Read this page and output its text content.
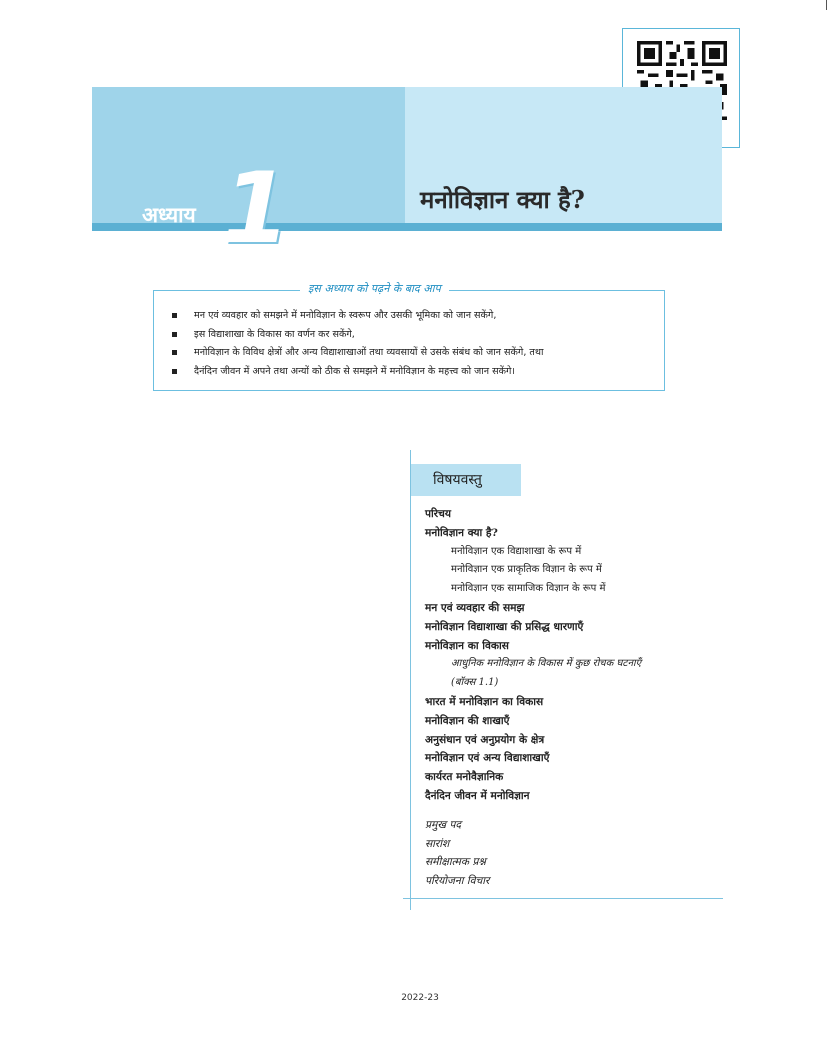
अध्याय 1	मनोविज्ञान क्या है?
इस अध्याय को पढ़ने के बाद आप
मन एवं व्यवहार को समझने में मनोविज्ञान के स्वरूप और उसकी भूमिका को जान सकेंगे,
इस विद्याशाखा के विकास का वर्णन कर सकेंगे,
मनोविज्ञान के विविध क्षेत्रों और अन्य विद्याशाखाओं तथा व्यवसायों से उसके संबंध को जान सकेंगे, तथा
दैनंदिन जीवन में अपने तथा अन्यों को ठीक से समझने में मनोविज्ञान के महत्त्व को जान सकेंगे।
विषयवस्तु
परिचय
मनोविज्ञान क्या है?
मनोविज्ञान एक विद्याशाखा के रूप में
मनोविज्ञान एक प्राकृतिक विज्ञान के रूप में
मनोविज्ञान एक सामाजिक विज्ञान के रूप में
मन एवं व्यवहार की समझ
मनोविज्ञान विद्याशाखा की प्रसिद्ध धारणाएँ
मनोविज्ञान का विकास
आधुनिक मनोविज्ञान के विकास में कुछ रोचक घटनाएँ
(बॉक्स 1.1)
भारत में मनोविज्ञान का विकास
मनोविज्ञान की शाखाएँ
अनुसंधान एवं अनुप्रयोग के क्षेत्र
मनोविज्ञान एवं अन्य विद्याशाखाएँ
कार्यरत मनोवैज्ञानिक
दैनंदिन जीवन में मनोविज्ञान
प्रमुख पद
सारांश
समीक्षात्मक प्रश्न
परियोजना विचार
2022-23
